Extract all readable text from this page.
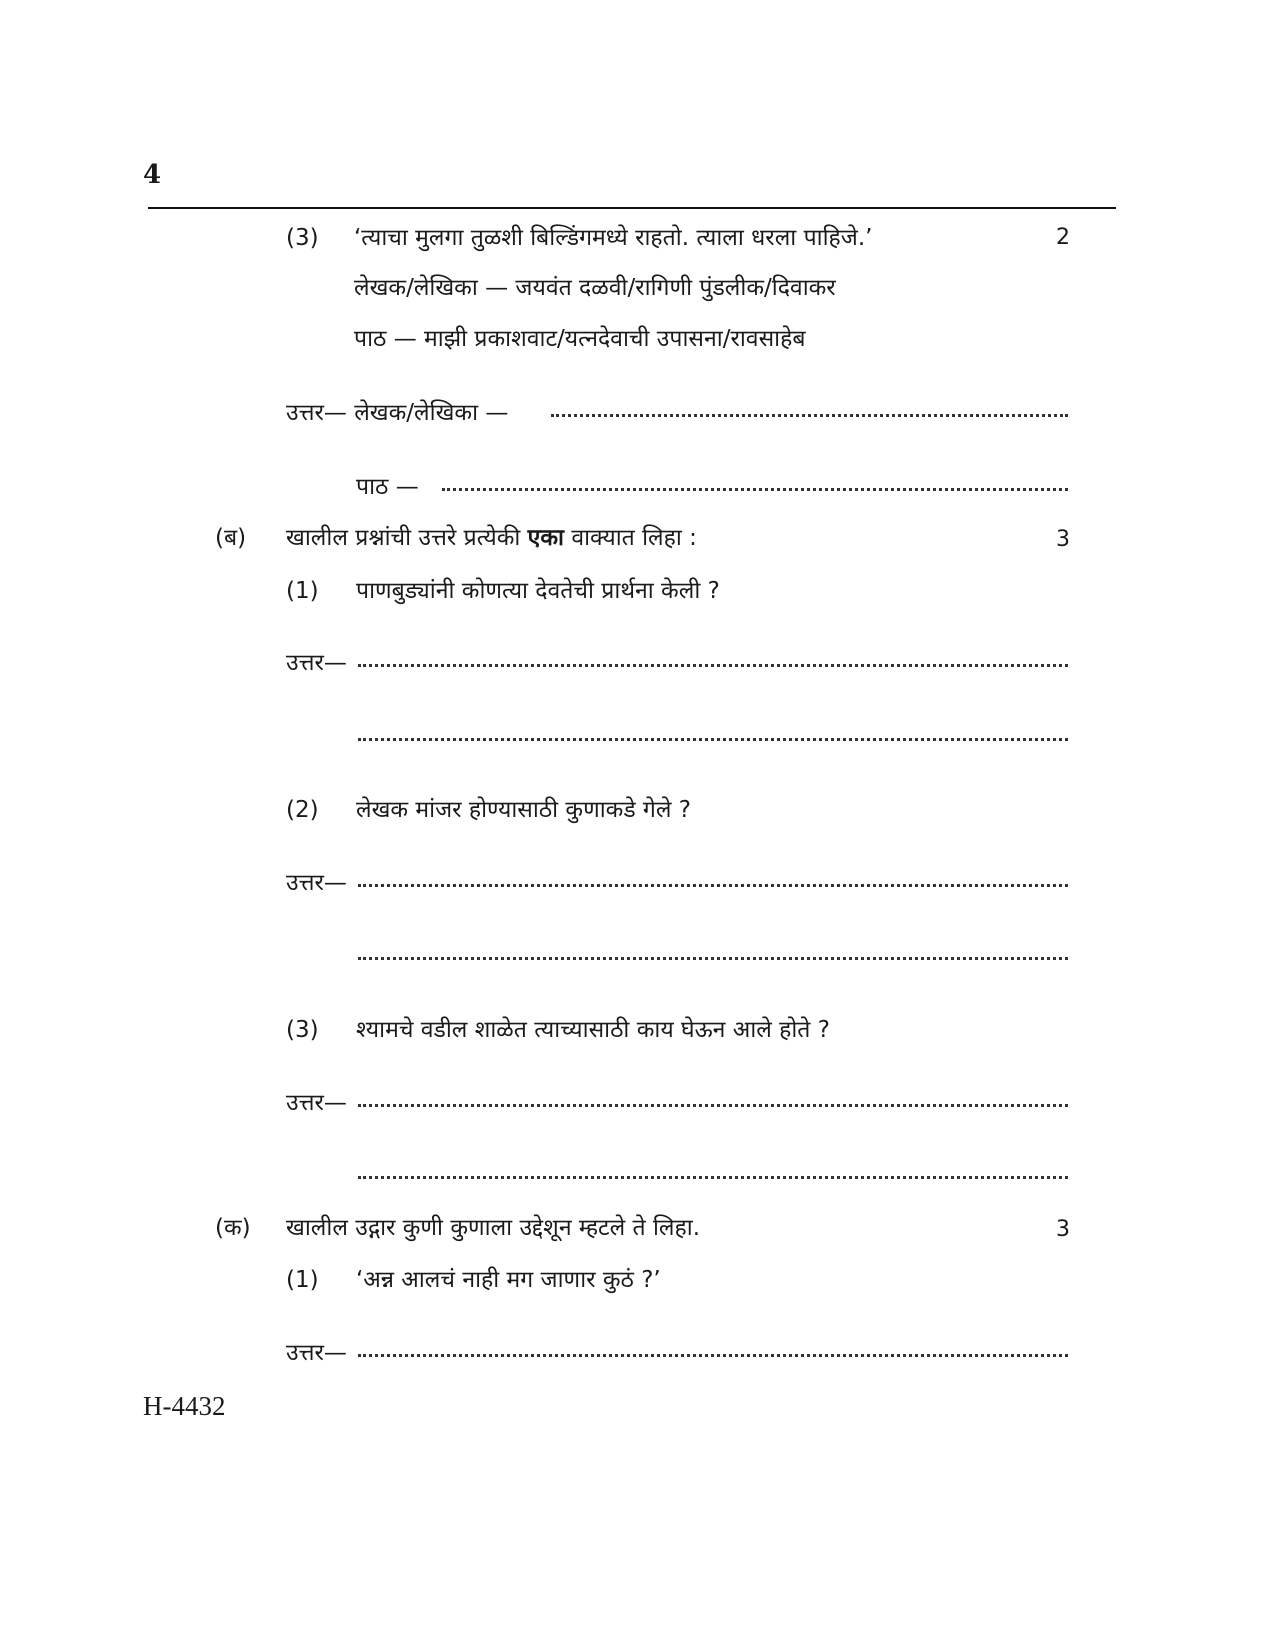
4
(3) ‘त्याचा मुलगा तुळशी बिल्डिंगमध्ये राहतो. त्याला धरला पाहिजे.’	2
लेखक/लेखिका — जयवंत दळवी/रागिणी पुंडलीक/दिवाकर
पाठ — माझी प्रकाशवाट/यत्नदेवाची उपासना/रावसाहेब
उत्तर— लेखक/लेखिका —
पाठ —
(ब) खालील प्रश्नांची उत्तरे प्रत्येकी एका वाक्यात लिहा :	3
(1) पाणबुड्यांनी कोणत्या देवतेची प्रार्थना केली ?
उत्तर—
(2) लेखक मांजर होण्यासाठी कुणाकडे गेले ?
उत्तर—
(3) श्यामचे वडील शाळेत त्याच्यासाठी काय घेऊन आले होते ?
उत्तर—
(क) खालील उद्गार कुणी कुणाला उद्देशून म्हटले ते लिहा.	3
(1) ‘अन्न आलचं नाही मग जाणार कुठं ?’
उत्तर—
H-4432
